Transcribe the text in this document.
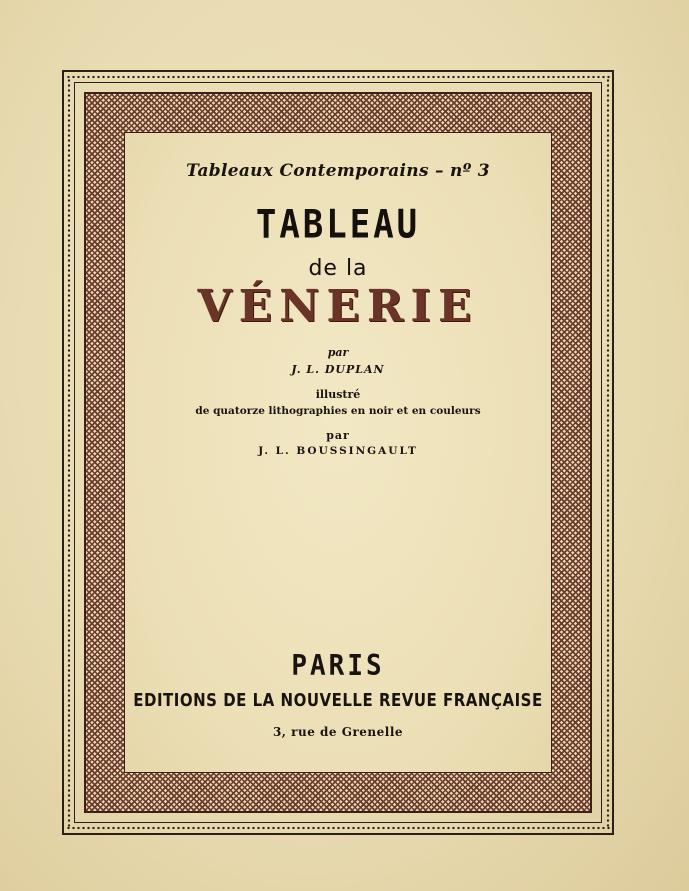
Tableaux Contemporains – nº 3
TABLEAU
de la
VÉNERIE
par
J. L. DUPLAN
illustré
de quatorze lithographies en noir et en couleurs
par
J. L. BOUSSINGAULT
PARIS
EDITIONS DE LA NOUVELLE REVUE FRANÇAISE
3, rue de Grenelle
